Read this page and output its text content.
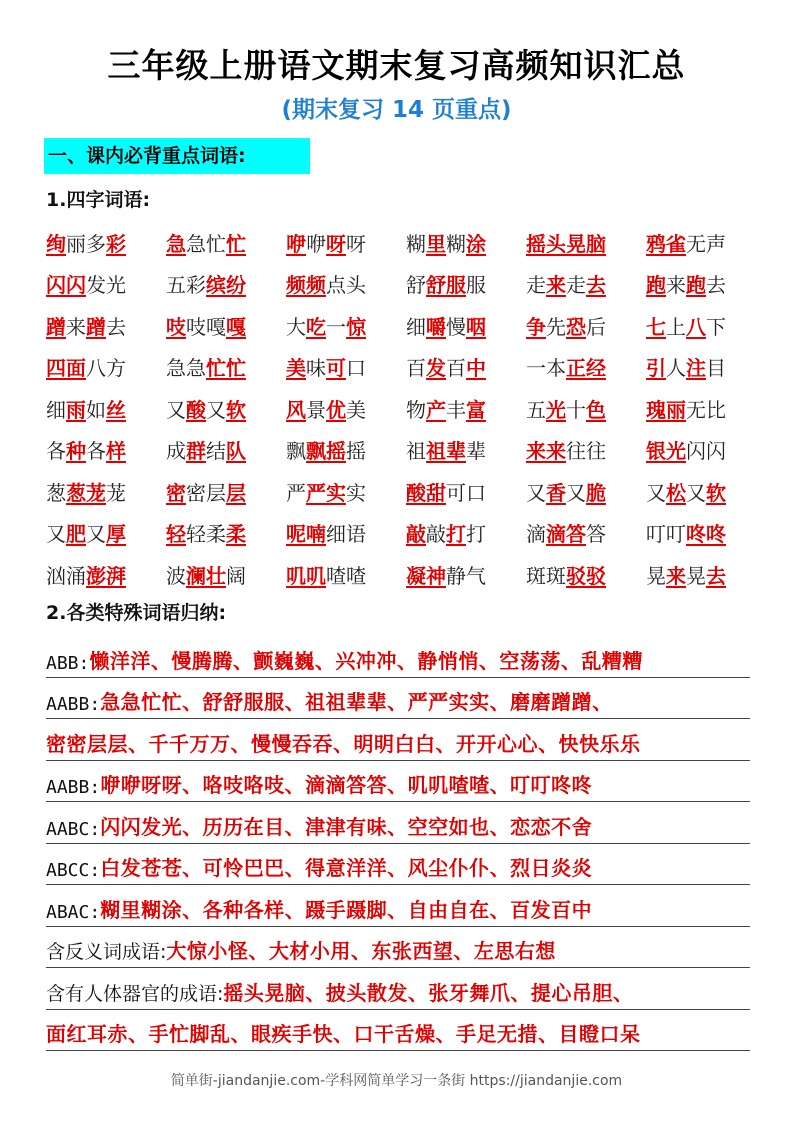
三年级上册语文期末复习高频知识汇总
(期末复习 14 页重点)
一、课内必背重点词语:
1.四字词语:
绚丽多彩	急急忙忙	咿咿呀呀	糊里糊涂	摇头晃脑	鸦雀无声
闪闪发光	五彩缤纷	频频点头	舒舒服服	走来走去	跑来跑去
蹭来蹭去	吱吱嘎嘎	大吃一惊	细嚼慢咽	争先恐后	七上八下
四面八方	急急忙忙	美味可口	百发百中	一本正经	引人注目
细雨如丝	又酸又软	风景优美	物产丰富	五光十色	瑰丽无比
各种各样	成群结队	飘飘摇摇	祖祖辈辈	来来往往	银光闪闪
葱葱茏茏	密密层层	严严实实	酸甜可口	又香又脆	又松又软
又肥又厚	轻轻柔柔	呢喃细语	敲敲打打	滴滴答答	叮叮咚咚
汹涌澎湃	波澜壮阔	叽叽喳喳	凝神静气	斑斑驳驳	晃来晃去
2.各类特殊词语归纳:
ABB: 懒洋洋、慢腾腾、颤巍巍、兴冲冲、静悄悄、空荡荡、乱糟糟
AABB: 急急忙忙、舒舒服服、祖祖辈辈、严严实实、磨磨蹭蹭、
密密层层、千千万万、慢慢吞吞、明明白白、开开心心、快快乐乐
AABB: 咿咿呀呀、咯吱咯吱、滴滴答答、叽叽喳喳、叮叮咚咚
AABC: 闪闪发光、历历在目、津津有味、空空如也、恋恋不舍
ABCC: 白发苍苍、可怜巴巴、得意洋洋、风尘仆仆、烈日炎炎
ABAC: 糊里糊涂、各种各样、蹑手蹑脚、自由自在、百发百中
含反义词成语: 大惊小怪、大材小用、东张西望、左思右想
含有人体器官的成语: 摇头晃脑、披头散发、张牙舞爪、提心吊胆、
面红耳赤、手忙脚乱、眼疾手快、口干舌燥、手足无措、目瞪口呆
简单街-jiandanjie.com-学科网简单学习一条街 https://jiandanjie.com
